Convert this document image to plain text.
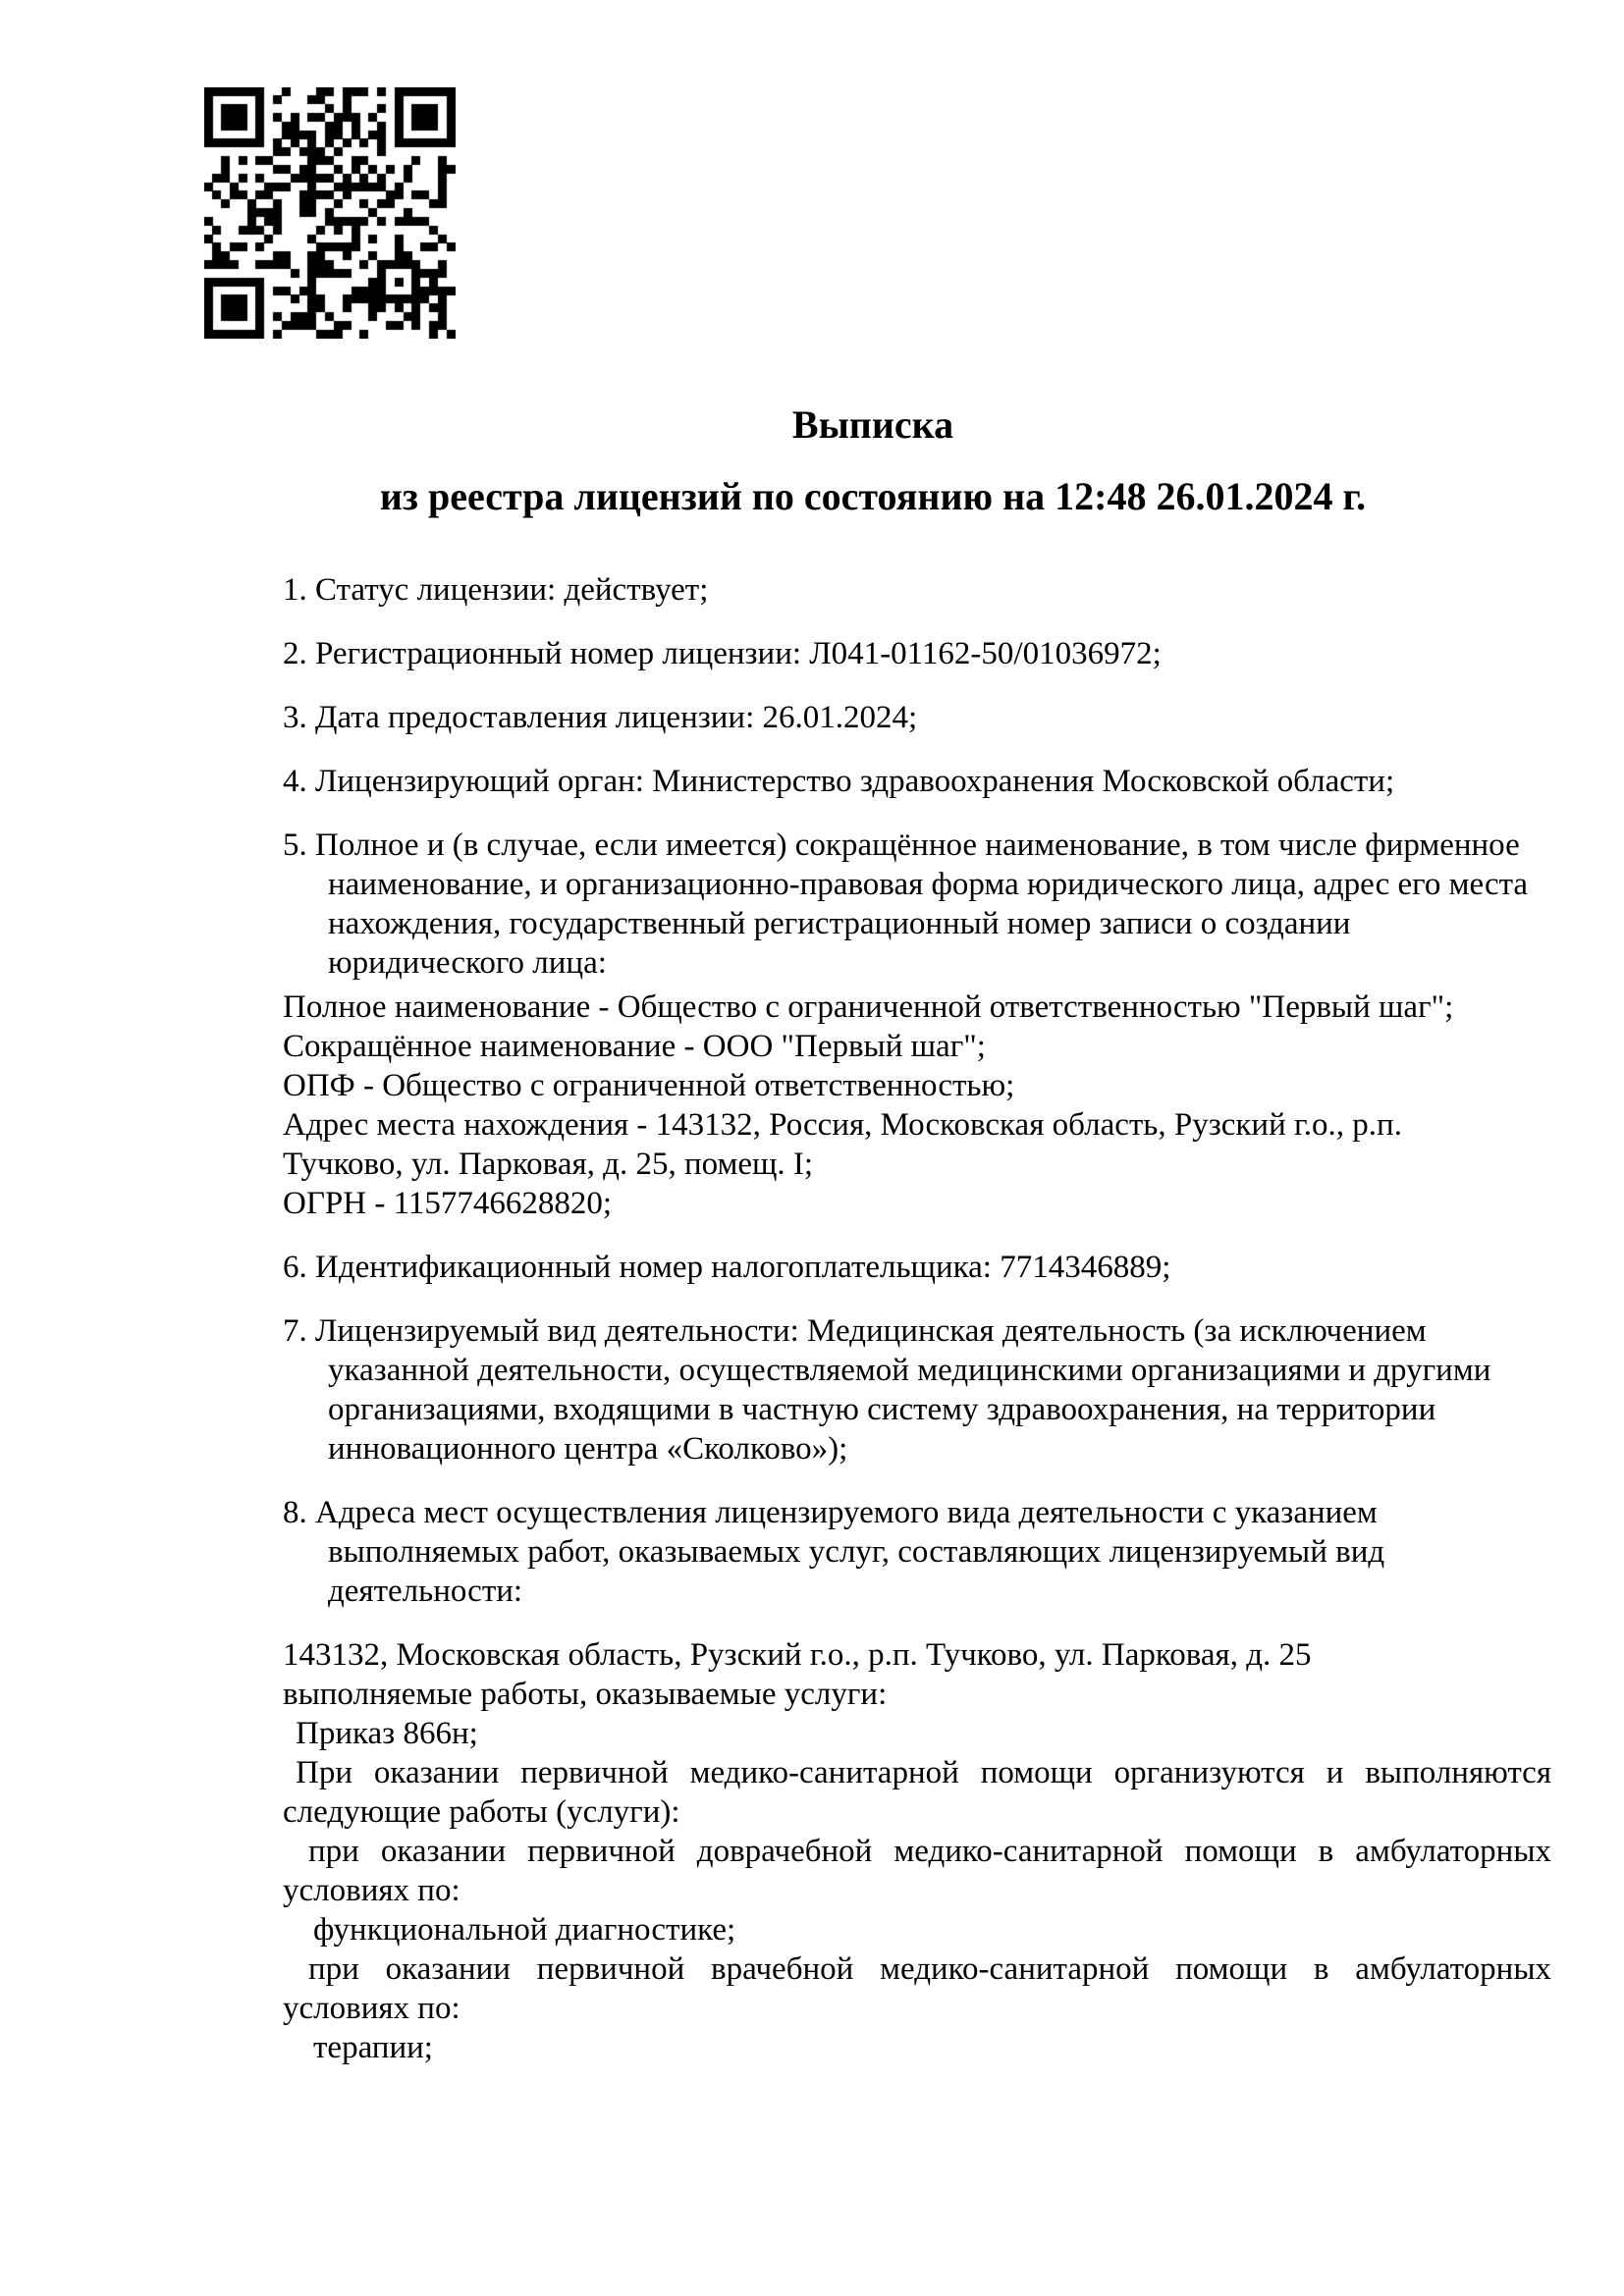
Выписка
из реестра лицензий по состоянию на 12:48 26.01.2024 г.
1. Статус лицензии: действует;
2. Регистрационный номер лицензии: Л041-01162-50/01036972;
3. Дата предоставления лицензии: 26.01.2024;
4. Лицензирующий орган: Министерство здравоохранения Московской области;
5. Полное и (в случае, если имеется) сокращённое наименование, в том числе фирменное
наименование, и организационно-правовая форма юридического лица, адрес его места
нахождения, государственный регистрационный номер записи о создании
юридического лица:
Полное наименование - Общество с ограниченной ответственностью "Первый шаг";
Сокращённое наименование - ООО "Первый шаг";
ОПФ - Общество с ограниченной ответственностью;
Адрес места нахождения - 143132, Россия, Московская область, Рузский г.о., р.п.
Тучково, ул. Парковая, д. 25, помещ. I;
ОГРН - 1157746628820;
6. Идентификационный номер налогоплательщика: 7714346889;
7. Лицензируемый вид деятельности: Медицинская деятельность (за исключением
указанной деятельности, осуществляемой медицинскими организациями и другими
организациями, входящими в частную систему здравоохранения, на территории
инновационного центра «Сколково»);
8. Адреса мест осуществления лицензируемого вида деятельности с указанием
выполняемых работ, оказываемых услуг, составляющих лицензируемый вид
деятельности:
143132, Московская область, Рузский г.о., р.п. Тучково, ул. Парковая, д. 25
выполняемые работы, оказываемые услуги:
Приказ 866н;
При оказании первичной медико-санитарной помощи организуются и выполняются
следующие работы (услуги):
при оказании первичной доврачебной медико-санитарной помощи в амбулаторных
условиях по:
функциональной диагностике;
при оказании первичной врачебной медико-санитарной помощи в амбулаторных
условиях по:
терапии;
